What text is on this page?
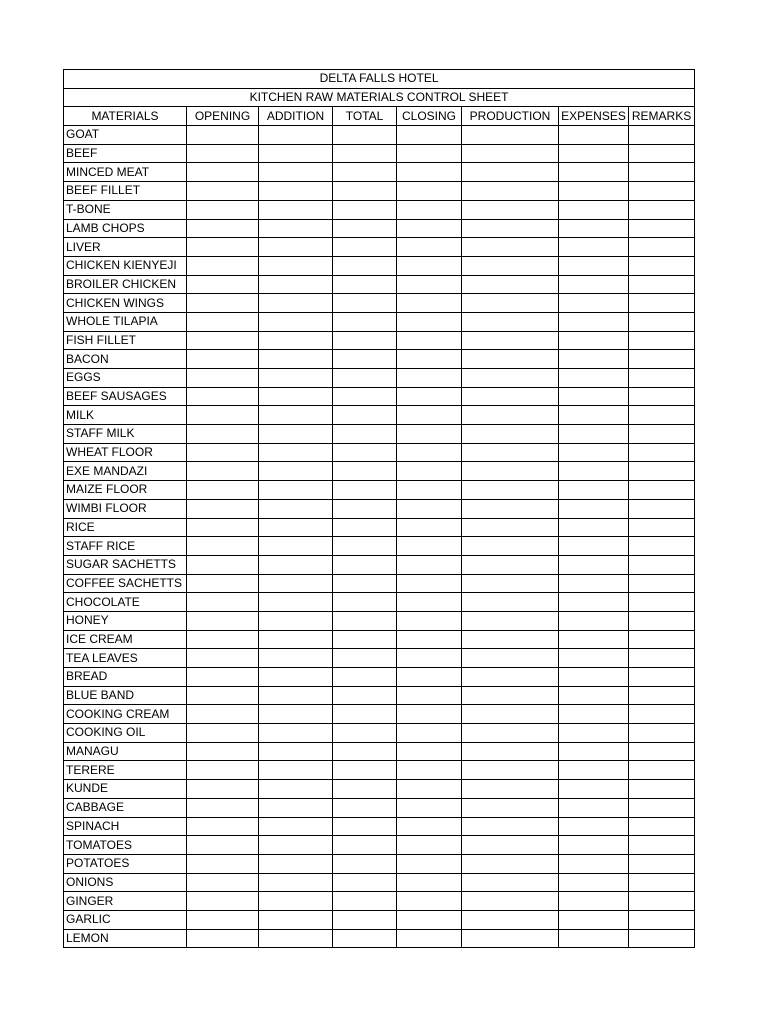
DELTA FALLS HOTEL							
KITCHEN RAW MATERIALS CONTROL SHEET							
MATERIALS	OPENING	ADDITION	TOTAL	CLOSING	PRODUCTION	EXPENSES	REMARKS
GOAT							
BEEF							
MINCED MEAT							
BEEF FILLET							
T-BONE							
LAMB CHOPS							
LIVER							
CHICKEN KIENYEJI							
BROILER CHICKEN							
CHICKEN WINGS							
WHOLE TILAPIA							
FISH FILLET							
BACON							
EGGS							
BEEF SAUSAGES							
MILK							
STAFF MILK							
WHEAT FLOOR							
EXE MANDAZI							
MAIZE FLOOR							
WIMBI FLOOR							
RICE							
STAFF RICE							
SUGAR SACHETTS							
COFFEE SACHETTS							
CHOCOLATE							
HONEY							
ICE CREAM							
TEA LEAVES							
BREAD							
BLUE BAND							
COOKING CREAM							
COOKING OIL							
MANAGU							
TERERE							
KUNDE							
CABBAGE							
SPINACH							
TOMATOES							
POTATOES							
ONIONS							
GINGER							
GARLIC							
LEMON							
